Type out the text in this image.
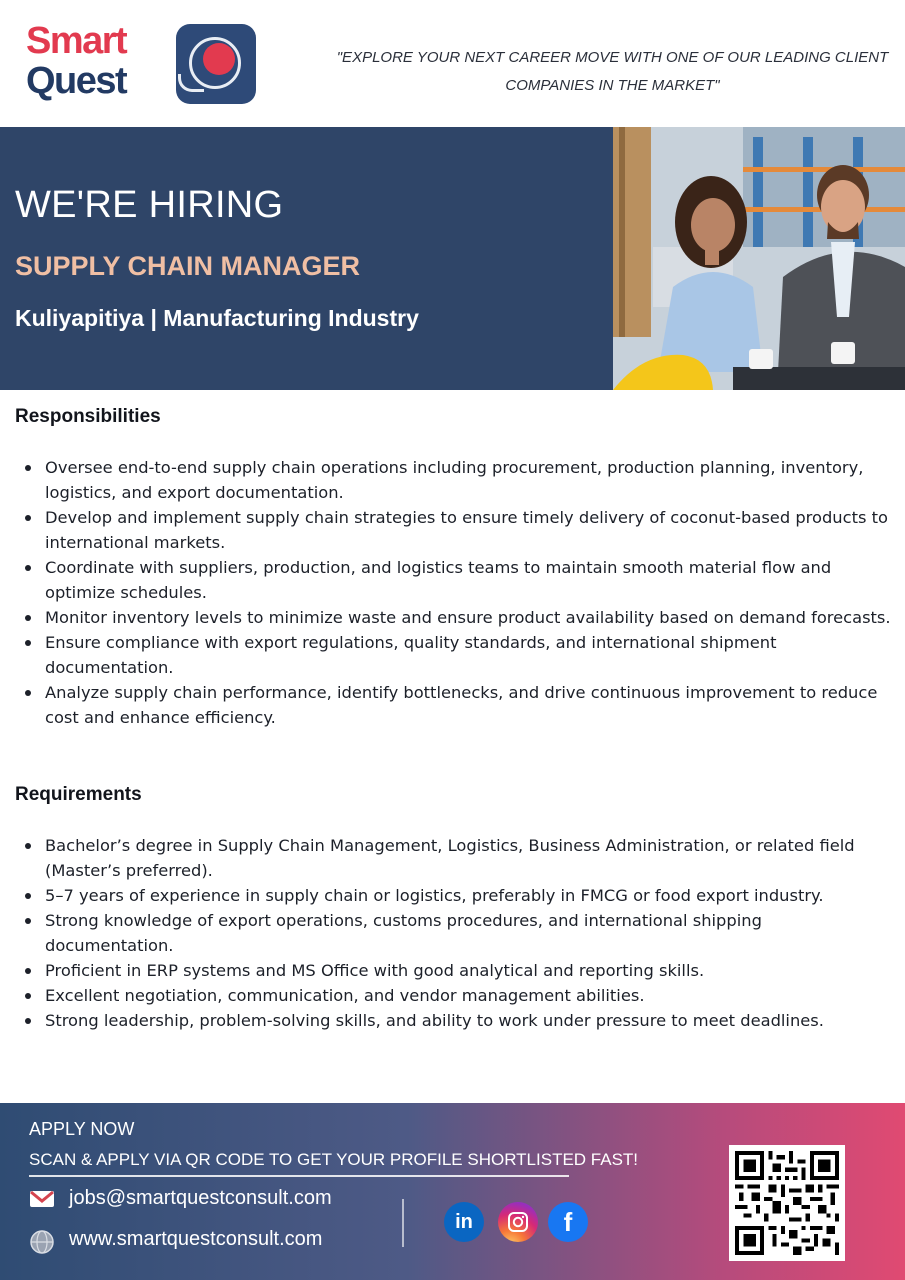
Smart
Quest
"EXPLORE YOUR NEXT CAREER MOVE WITH ONE OF OUR LEADING CLIENT COMPANIES IN THE MARKET"
WE'RE HIRING
SUPPLY CHAIN MANAGER
Kuliyapitiya | Manufacturing Industry
Responsibilities
Oversee end-to-end supply chain operations including procurement, production planning, inventory, logistics, and export documentation.
Develop and implement supply chain strategies to ensure timely delivery of coconut-based products to international markets.
Coordinate with suppliers, production, and logistics teams to maintain smooth material flow and optimize schedules.
Monitor inventory levels to minimize waste and ensure product availability based on demand forecasts.
Ensure compliance with export regulations, quality standards, and international shipment documentation.
Analyze supply chain performance, identify bottlenecks, and drive continuous improvement to reduce cost and enhance efficiency.
Requirements
Bachelor’s degree in Supply Chain Management, Logistics, Business Administration, or related field (Master’s preferred).
5–7 years of experience in supply chain or logistics, preferably in FMCG or food export industry.
Strong knowledge of export operations, customs procedures, and international shipping documentation.
Proficient in ERP systems and MS Office with good analytical and reporting skills.
Excellent negotiation, communication, and vendor management abilities.
Strong leadership, problem-solving skills, and ability to work under pressure to meet deadlines.
APPLY NOW
SCAN & APPLY VIA QR CODE TO GET YOUR PROFILE SHORTLISTED FAST!
jobs@smartquestconsult.com
www.smartquestconsult.com
in	f
